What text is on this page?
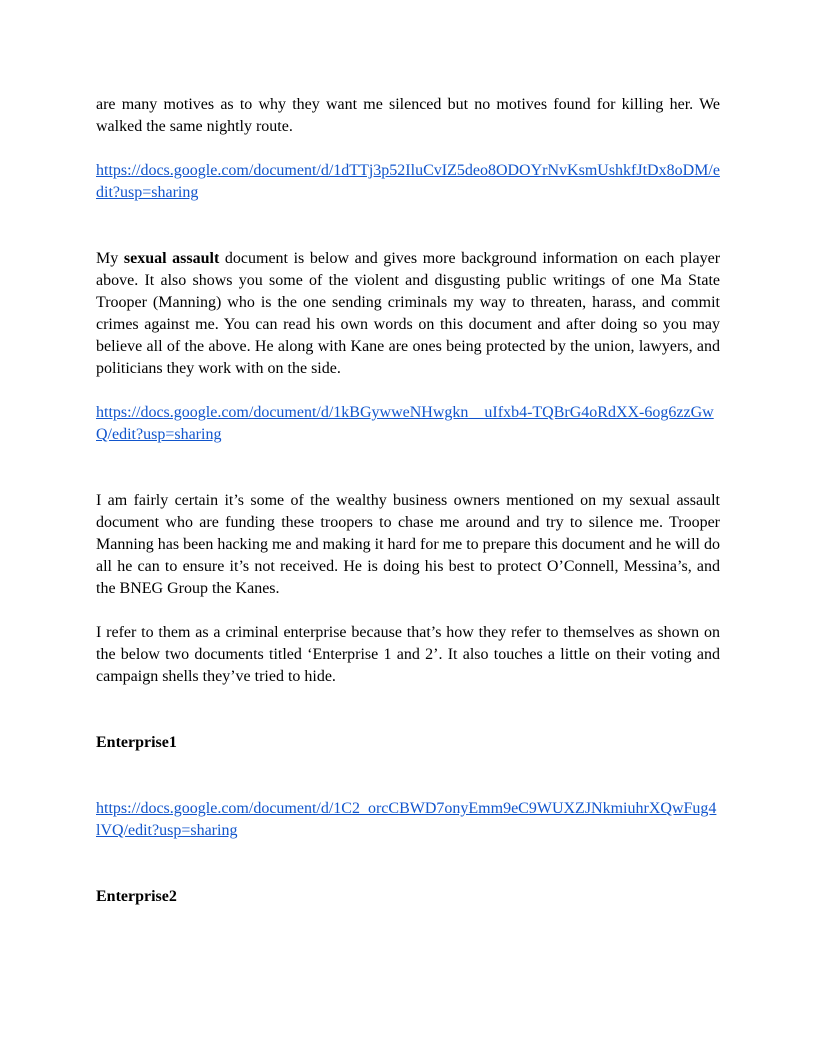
are many motives as to why they want me silenced but no motives found for killing her. We walked the same nightly route.

https://docs.google.com/document/d/1dTTj3p52IluCvIZ5deo8ODOYrNvKsmUshkfJtDx8oDM/edit?usp=sharing

My sexual assault document is below and gives more background information on each player above. It also shows you some of the violent and disgusting public writings of one Ma State Trooper (Manning) who is the one sending criminals my way to threaten, harass, and commit crimes against me. You can read his own words on this document and after doing so you may believe all of the above. He along with Kane are ones being protected by the union, lawyers, and politicians they work with on the side.

https://docs.google.com/document/d/1kBGywweNHwgkn__uIfxb4-TQBrG4oRdXX-6og6zzGwQ/edit?usp=sharing

I am fairly certain it’s some of the wealthy business owners mentioned on my sexual assault document who are funding these troopers to chase me around and try to silence me. Trooper Manning has been hacking me and making it hard for me to prepare this document and he will do all he can to ensure it’s not received. He is doing his best to protect O’Connell, Messina’s, and the BNEG Group the Kanes.

I refer to them as a criminal enterprise because that’s how they refer to themselves as shown on the below two documents titled ‘Enterprise 1 and 2’. It also touches a little on their voting and campaign shells they’ve tried to hide.

Enterprise1

https://docs.google.com/document/d/1C2_orcCBWD7onyEmm9eC9WUXZJNkmiuhrXQwFug4lVQ/edit?usp=sharing

Enterprise2
